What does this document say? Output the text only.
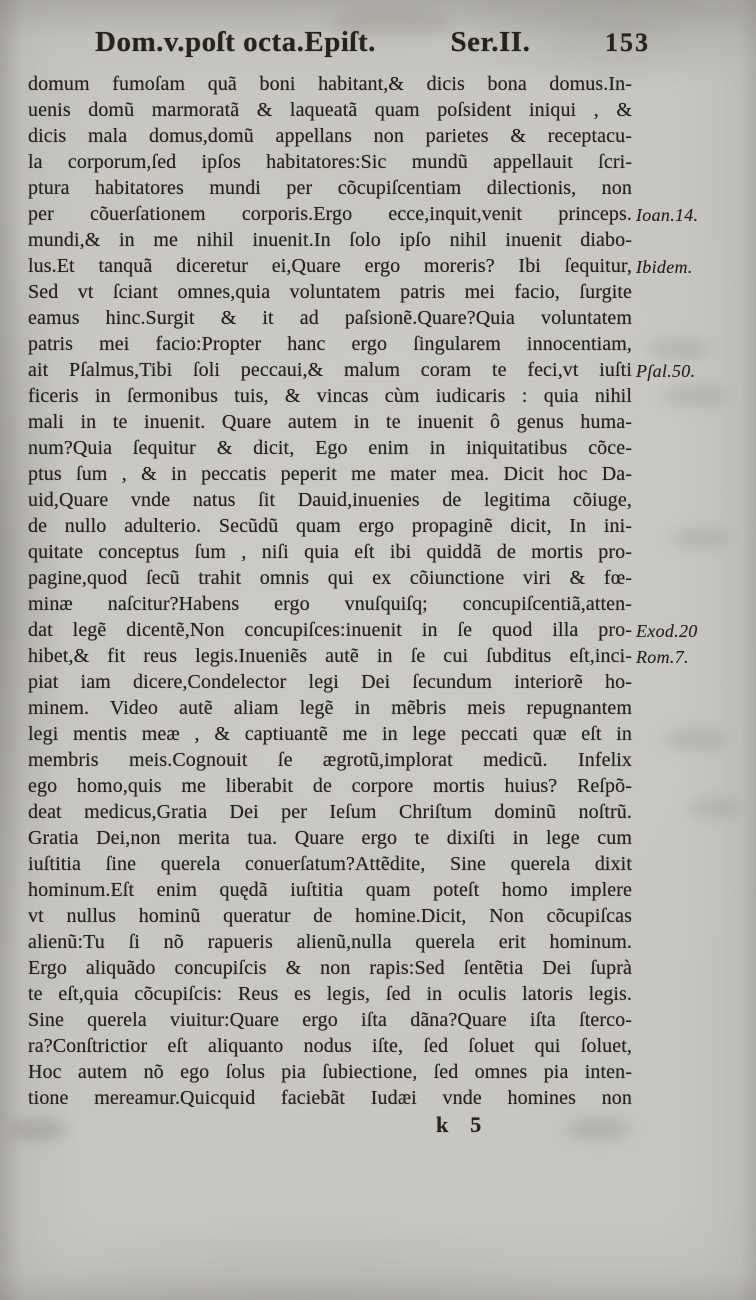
Dom.v.poſt octa.Epiſt.	Ser.II.	153
domum fumoſam quã boni habitant,& dicis bona domus.In-
uenis domũ marmoratã & laqueatã quam poſsident iniqui , &
dicis mala domus,domũ appellans non parietes & receptacu-
la corporum,ſed ipſos habitatores:Sic mundũ appellauit ſcri-
ptura habitatores mundi per cõcupiſcentiam dilectionis, non
per cõuerſationem corporis.Ergo ecce,inquit,venit princeps.
mundi,& in me nihil inuenit.In ſolo ipſo nihil inuenit diabo-
lus.Et tanquã diceretur ei,Quare ergo moreris? Ibi ſequitur,
Sed vt ſciant omnes,quia voluntatem patris mei facio, ſurgite
eamus hinc.Surgit & it ad paſsionẽ.Quare?Quia voluntatem
patris mei facio:Propter hanc ergo ſingularem innocentiam,
ait Pſalmus,Tibi ſoli peccaui,& malum coram te feci,vt iuſti
ficeris in ſermonibus tuis, & vincas cùm iudicaris : quia nihil
mali in te inuenit. Quare autem in te inuenit ô genus huma-
num?Quia ſequitur & dicit, Ego enim in iniquitatibus cõce-
ptus ſum , & in peccatis peperit me mater mea. Dicit hoc Da-
uid,Quare vnde natus ſit Dauid,inuenies de legitima cõiuge,
de nullo adulterio. Secũdũ quam ergo propaginẽ dicit, In ini-
quitate conceptus ſum , niſi quia eſt ibi quiddã de mortis pro-
pagine,quod ſecũ trahit omnis qui ex cõiunctione viri & fœ-
minæ naſcitur?Habens ergo vnuſquiſq; concupiſcentiã,atten-
dat legẽ dicentẽ,Non concupiſces:inuenit in ſe quod illa pro-
hibet,& fit reus legis.Inueniẽs autẽ in ſe cui ſubditus eſt,inci-
piat iam dicere,Condelector legi Dei ſecundum interiorẽ ho-
minem. Video autẽ aliam legẽ in mẽbris meis repugnantem
legi mentis meæ , & captiuantẽ me in lege peccati quæ eſt in
membris meis.Cognouit ſe ægrotũ,implorat medicũ. Infelix
ego homo,quis me liberabit de corpore mortis huius? Reſpõ-
deat medicus,Gratia Dei per Ieſum Chriſtum dominũ noſtrũ.
Gratia Dei,non merita tua. Quare ergo te dixiſti in lege cum
iuſtitia ſine querela conuerſatum?Attẽdite, Sine querela dixit
hominum.Eſt enim quędã iuſtitia quam poteſt homo implere
vt nullus hominũ queratur de homine.Dicit, Non cõcupiſcas
alienũ:Tu ſi nõ rapueris alienũ,nulla querela erit hominum.
Ergo aliquãdo concupiſcis & non rapis:Sed ſentẽtia Dei ſuprà
te eſt,quia cõcupiſcis: Reus es legis, ſed in oculis latoris legis.
Sine querela viuitur:Quare ergo iſta dãna?Quare iſta ſterco-
ra?Conſtrictior eſt aliquanto nodus iſte, ſed ſoluet qui ſoluet,
Hoc autem nõ ego ſolus pia ſubiectione, ſed omnes pia inten-
tione mereamur.Quicquid faciebãt Iudæi vnde homines non
Ioan.14.
Ibidem.
Pſal.50.
Exod.20
Rom.7.
k    5
